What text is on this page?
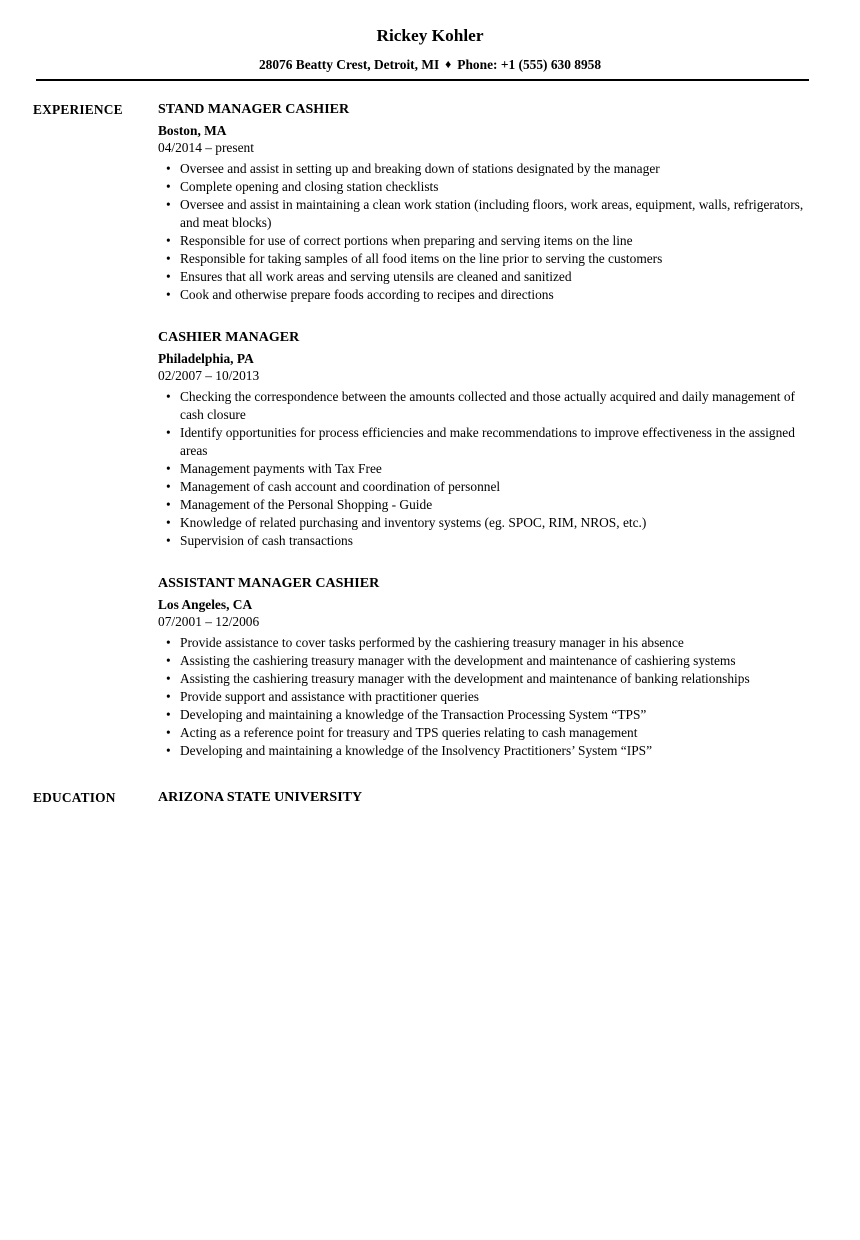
Rickey Kohler
28076 Beatty Crest, Detroit, MI ♦ Phone: +1 (555) 630 8958
EXPERIENCE	STAND MANAGER CASHIER
Boston, MA
04/2014 – present
• Oversee and assist in setting up and breaking down of stations designated by the manager
• Complete opening and closing station checklists
• Oversee and assist in maintaining a clean work station (including floors, work areas, equipment, walls, refrigerators, and meat blocks)
• Responsible for use of correct portions when preparing and serving items on the line
• Responsible for taking samples of all food items on the line prior to serving the customers
• Ensures that all work areas and serving utensils are cleaned and sanitized
• Cook and otherwise prepare foods according to recipes and directions
CASHIER MANAGER
Philadelphia, PA
02/2007 – 10/2013
• Checking the correspondence between the amounts collected and those actually acquired and daily management of cash closure
• Identify opportunities for process efficiencies and make recommendations to improve effectiveness in the assigned areas
• Management payments with Tax Free
• Management of cash account and coordination of personnel
• Management of the Personal Shopping - Guide
• Knowledge of related purchasing and inventory systems (eg. SPOC, RIM, NROS, etc.)
• Supervision of cash transactions
ASSISTANT MANAGER CASHIER
Los Angeles, CA
07/2001 – 12/2006
• Provide assistance to cover tasks performed by the cashiering treasury manager in his absence
• Assisting the cashiering treasury manager with the development and maintenance of cashiering systems
• Assisting the cashiering treasury manager with the development and maintenance of banking relationships
• Provide support and assistance with practitioner queries
• Developing and maintaining a knowledge of the Transaction Processing System “TPS”
• Acting as a reference point for treasury and TPS queries relating to cash management
• Developing and maintaining a knowledge of the Insolvency Practitioners’ System “IPS”
EDUCATION	ARIZONA STATE UNIVERSITY
